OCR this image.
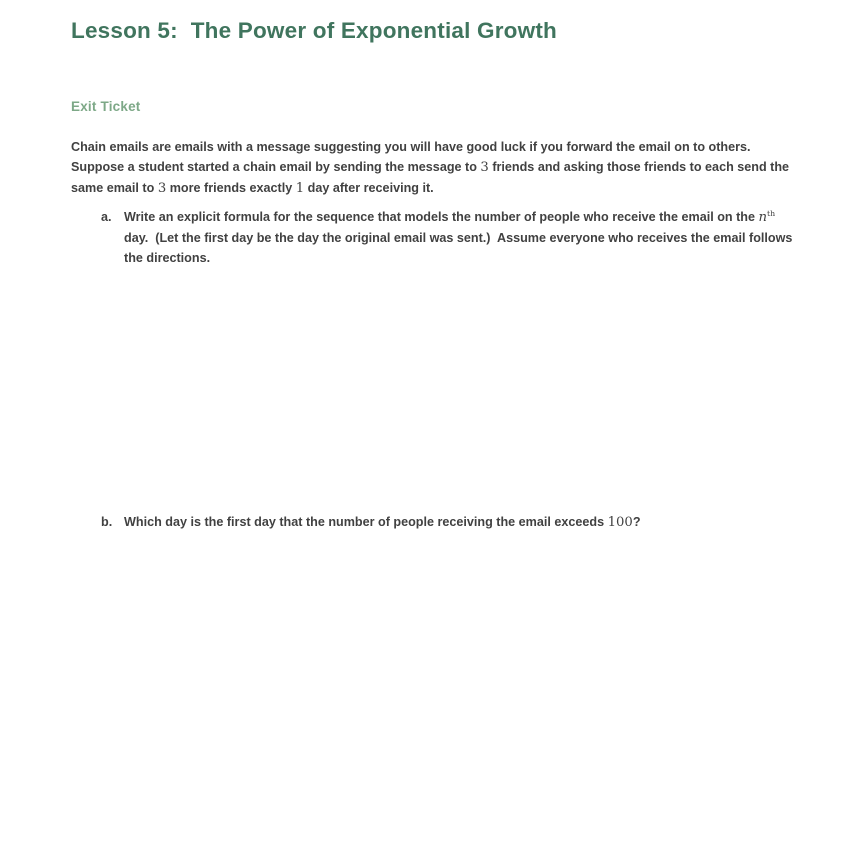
Lesson 5:  The Power of Exponential Growth
Exit Ticket
Chain emails are emails with a message suggesting you will have good luck if you forward the email on to others.
Suppose a student started a chain email by sending the message to 3 friends and asking those friends to each send the
same email to 3 more friends exactly 1 day after receiving it.
a. Write an explicit formula for the sequence that models the number of people who receive the email on the $n^{th}$
day.  (Let the first day be the day the original email was sent.)  Assume everyone who receives the email follows
the directions.
b. Which day is the first day that the number of people receiving the email exceeds 100?
